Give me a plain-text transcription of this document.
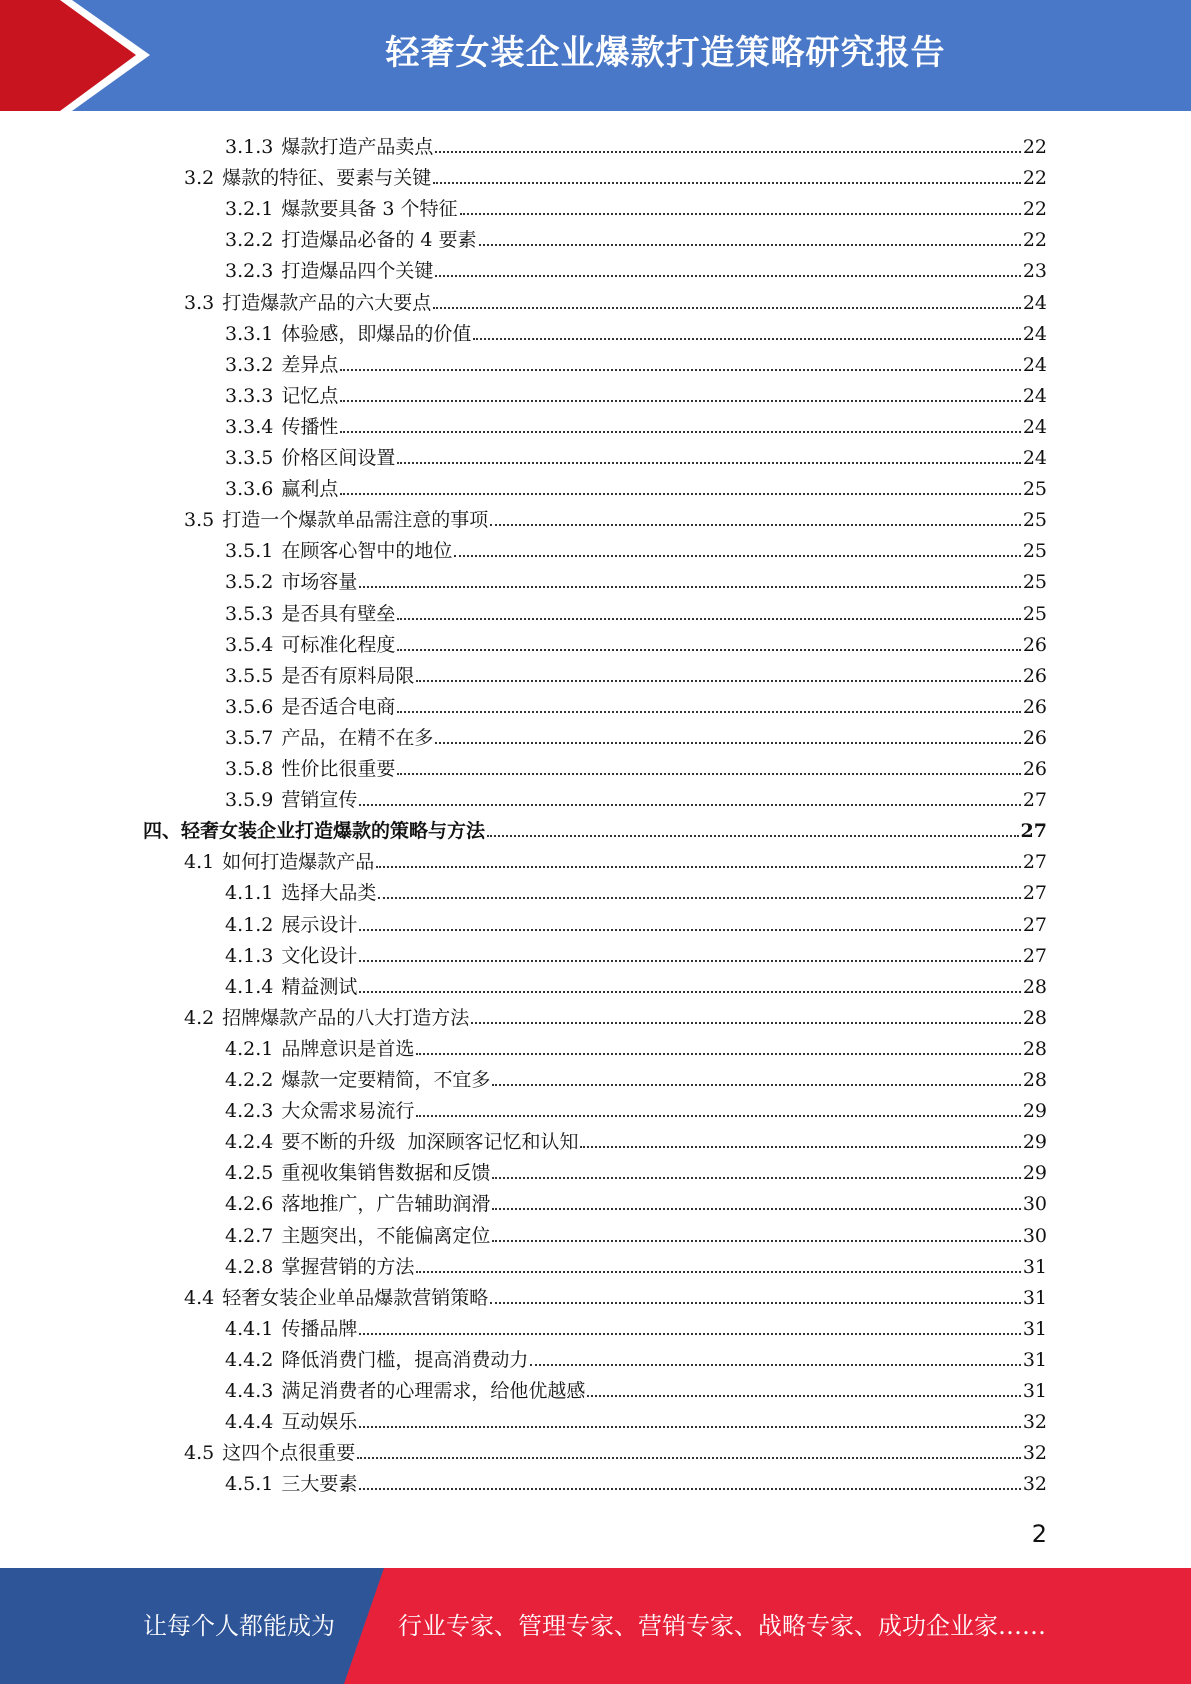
轻奢女装企业爆款打造策略研究报告
3.1.3 爆款打造产品卖点	22
3.2 爆款的特征、要素与关键	22
3.2.1 爆款要具备 3 个特征	22
3.2.2 打造爆品必备的 4 要素	22
3.2.3 打造爆品四个关键	23
3.3 打造爆款产品的六大要点	24
3.3.1 体验感，即爆品的价值	24
3.3.2 差异点	24
3.3.3 记忆点	24
3.3.4 传播性	24
3.3.5 价格区间设置	24
3.3.6 赢利点	25
3.5 打造一个爆款单品需注意的事项	25
3.5.1 在顾客心智中的地位	25
3.5.2 市场容量	25
3.5.3 是否具有壁垒	25
3.5.4 可标准化程度	26
3.5.5 是否有原料局限	26
3.5.6 是否适合电商	26
3.5.7 产品，在精不在多	26
3.5.8 性价比很重要	26
3.5.9 营销宣传	27
四、 轻奢女装企业打造爆款的策略与方法	27
4.1 如何打造爆款产品	27
4.1.1 选择大品类	27
4.1.2 展示设计	27
4.1.3 文化设计	27
4.1.4 精益测试	28
4.2 招牌爆款产品的八大打造方法	28
4.2.1 品牌意识是首选	28
4.2.2 爆款一定要精简，不宜多	28
4.2.3 大众需求易流行	29
4.2.4 要不断的升级  加深顾客记忆和认知	29
4.2.5 重视收集销售数据和反馈	29
4.2.6 落地推广，广告辅助润滑	30
4.2.7 主题突出，不能偏离定位	30
4.2.8 掌握营销的方法	31
4.4 轻奢女装企业单品爆款营销策略	31
4.4.1 传播品牌	31
4.4.2 降低消费门槛，提高消费动力	31
4.4.3 满足消费者的心理需求，给他优越感	31
4.4.4 互动娱乐	32
4.5 这四个点很重要	32
4.5.1 三大要素	32
2
让每个人都能成为	行业专家、管理专家、营销专家、战略专家、成功企业家……
